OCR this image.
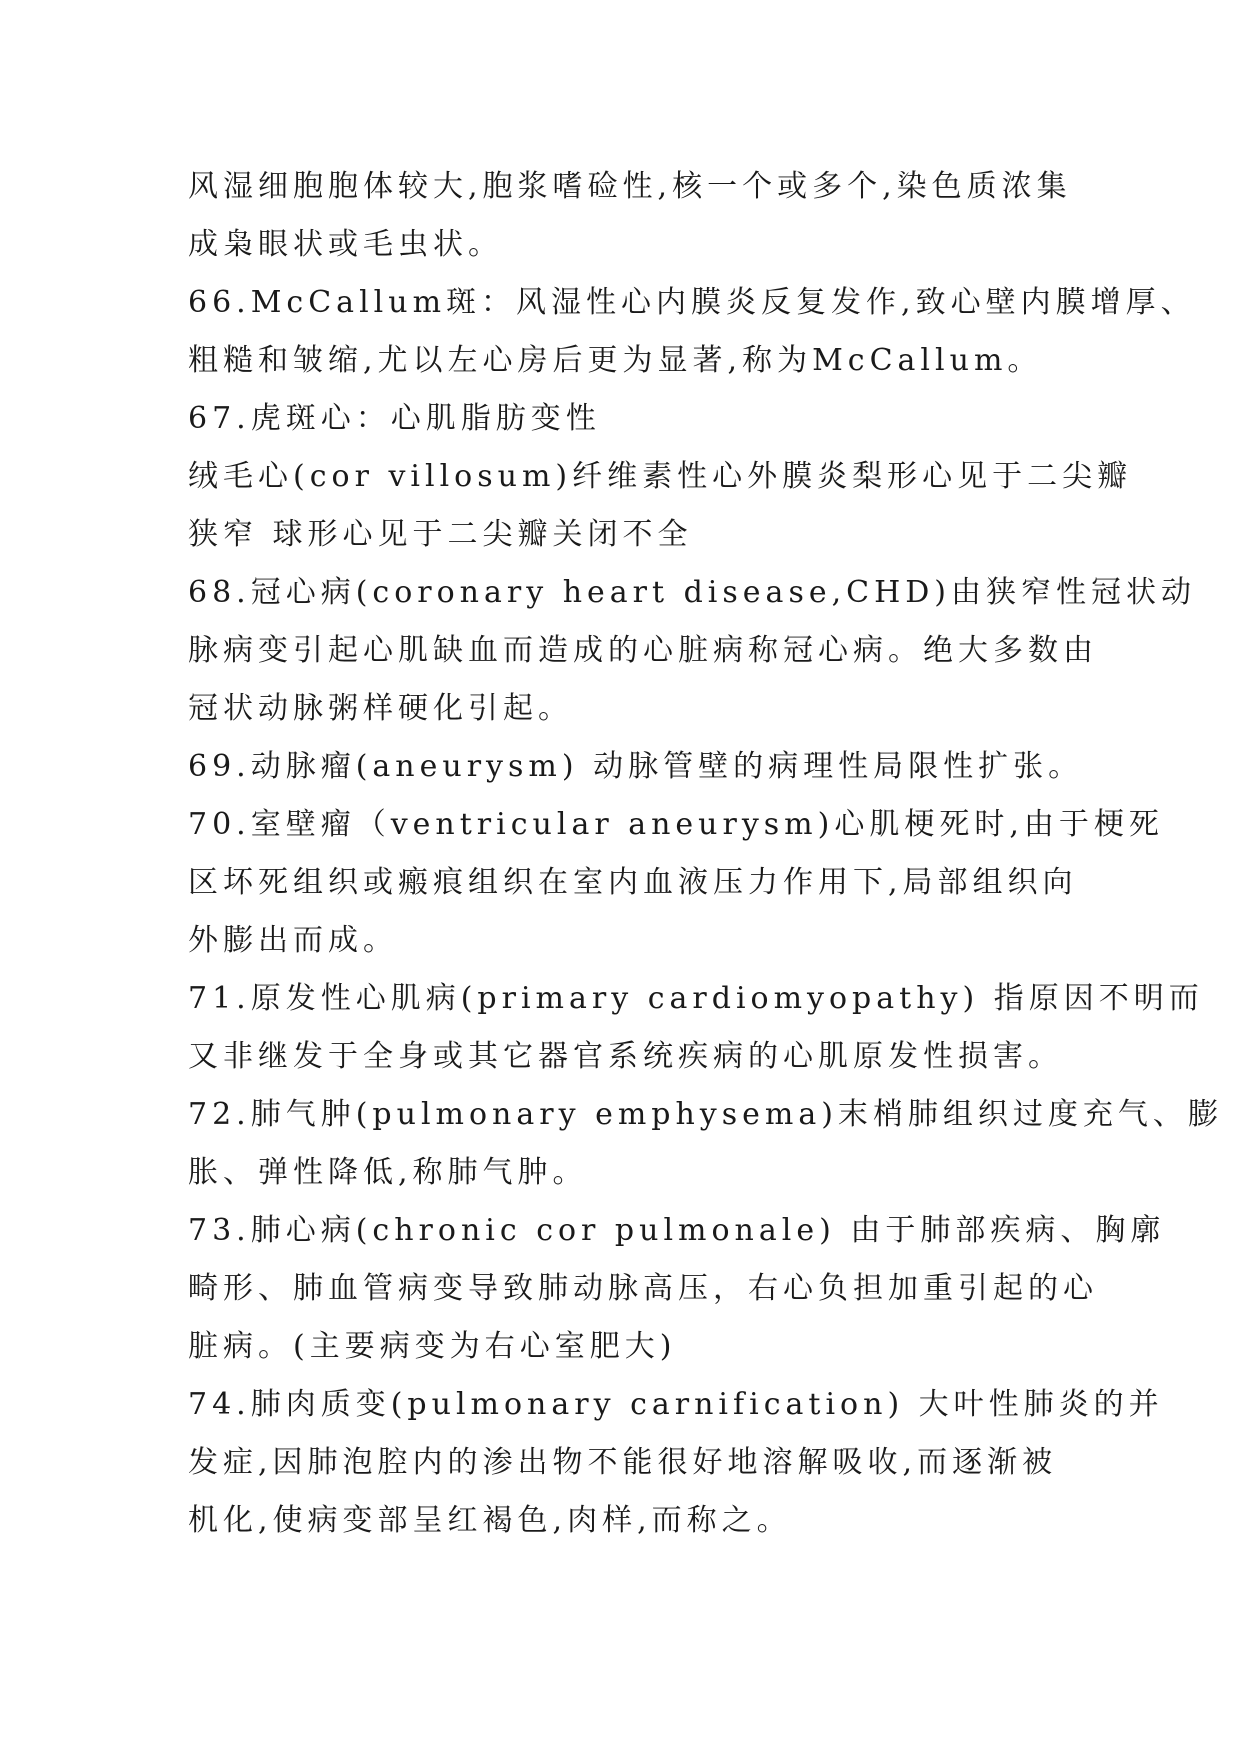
风湿细胞胞体较大,胞浆嗜硷性,核一个或多个,染色质浓集
成枭眼状或毛虫状。
66.McCallum斑：风湿性心内膜炎反复发作,致心壁内膜增厚、
粗糙和皱缩,尤以左心房后更为显著,称为McCallum。
67.虎斑心：心肌脂肪变性
绒毛心(cor villosum)纤维素性心外膜炎梨形心见于二尖瓣
狭窄 球形心见于二尖瓣关闭不全
68.冠心病(coronary heart disease,CHD)由狭窄性冠状动
脉病变引起心肌缺血而造成的心脏病称冠心病。绝大多数由
冠状动脉粥样硬化引起。
69.动脉瘤(aneurysm) 动脉管壁的病理性局限性扩张。
70.室壁瘤（ventricular aneurysm)心肌梗死时,由于梗死
区坏死组织或瘢痕组织在室内血液压力作用下,局部组织向
外膨出而成。
71.原发性心肌病(primary cardiomyopathy) 指原因不明而
又非继发于全身或其它器官系统疾病的心肌原发性损害。
72.肺气肿(pulmonary emphysema)末梢肺组织过度充气、膨
胀、弹性降低,称肺气肿。
73.肺心病(chronic cor pulmonale) 由于肺部疾病、胸廓
畸形、肺血管病变导致肺动脉高压，右心负担加重引起的心
脏病。(主要病变为右心室肥大)
74.肺肉质变(pulmonary carnification) 大叶性肺炎的并
发症,因肺泡腔内的渗出物不能很好地溶解吸收,而逐渐被
机化,使病变部呈红褐色,肉样,而称之。
